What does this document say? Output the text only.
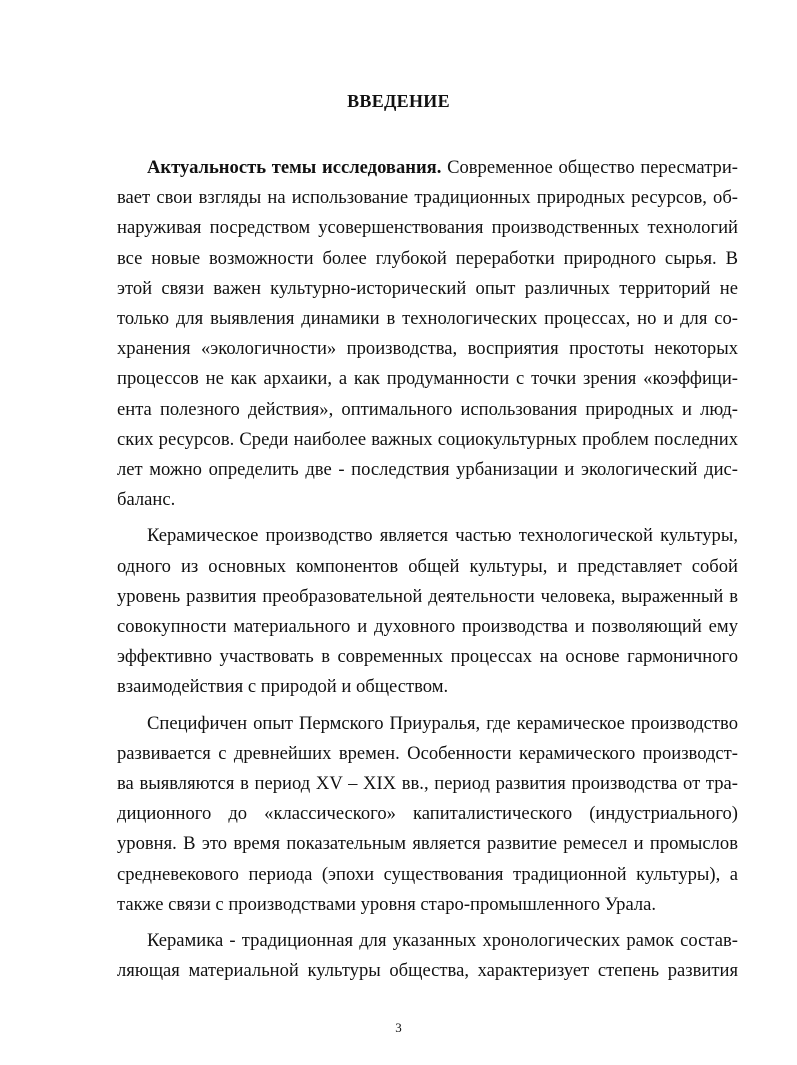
ВВЕДЕНИЕ
Актуальность темы исследования. Современное общество пересматри-
вает свои взгляды на использование традиционных природных ресурсов, об-
наруживая посредством усовершенствования производственных технологий
все новые возможности более глубокой переработки природного сырья. В
этой связи важен культурно-исторический опыт различных территорий не
только для выявления динамики в технологических процессах, но и для со-
хранения «экологичности» производства, восприятия простоты некоторых
процессов не как архаики, а как продуманности с точки зрения «коэффици-
ента полезного действия», оптимального использования природных и люд-
ских ресурсов. Среди наиболее важных социокультурных проблем последних
лет можно определить две - последствия урбанизации и экологический дис-
баланс.
Керамическое производство является частью технологической культуры,
одного из основных компонентов общей культуры, и представляет собой
уровень развития преобразовательной деятельности человека, выраженный в
совокупности материального и духовного производства и позволяющий ему
эффективно участвовать в современных процессах на основе гармоничного
взаимодействия с природой и обществом.
Специфичен опыт Пермского Приуралья, где керамическое производство
развивается с древнейших времен. Особенности керамического производст-
ва выявляются в период XV – XIX вв., период развития производства от тра-
диционного до «классического» капиталистического (индустриального)
уровня. В это время показательным является развитие ремесел и промыслов
средневекового периода (эпохи существования традиционной культуры), а
также связи с производствами уровня старо-промышленного Урала.
Керамика - традиционная для указанных хронологических рамок состав-
ляющая материальной культуры общества, характеризует степень развития
3
